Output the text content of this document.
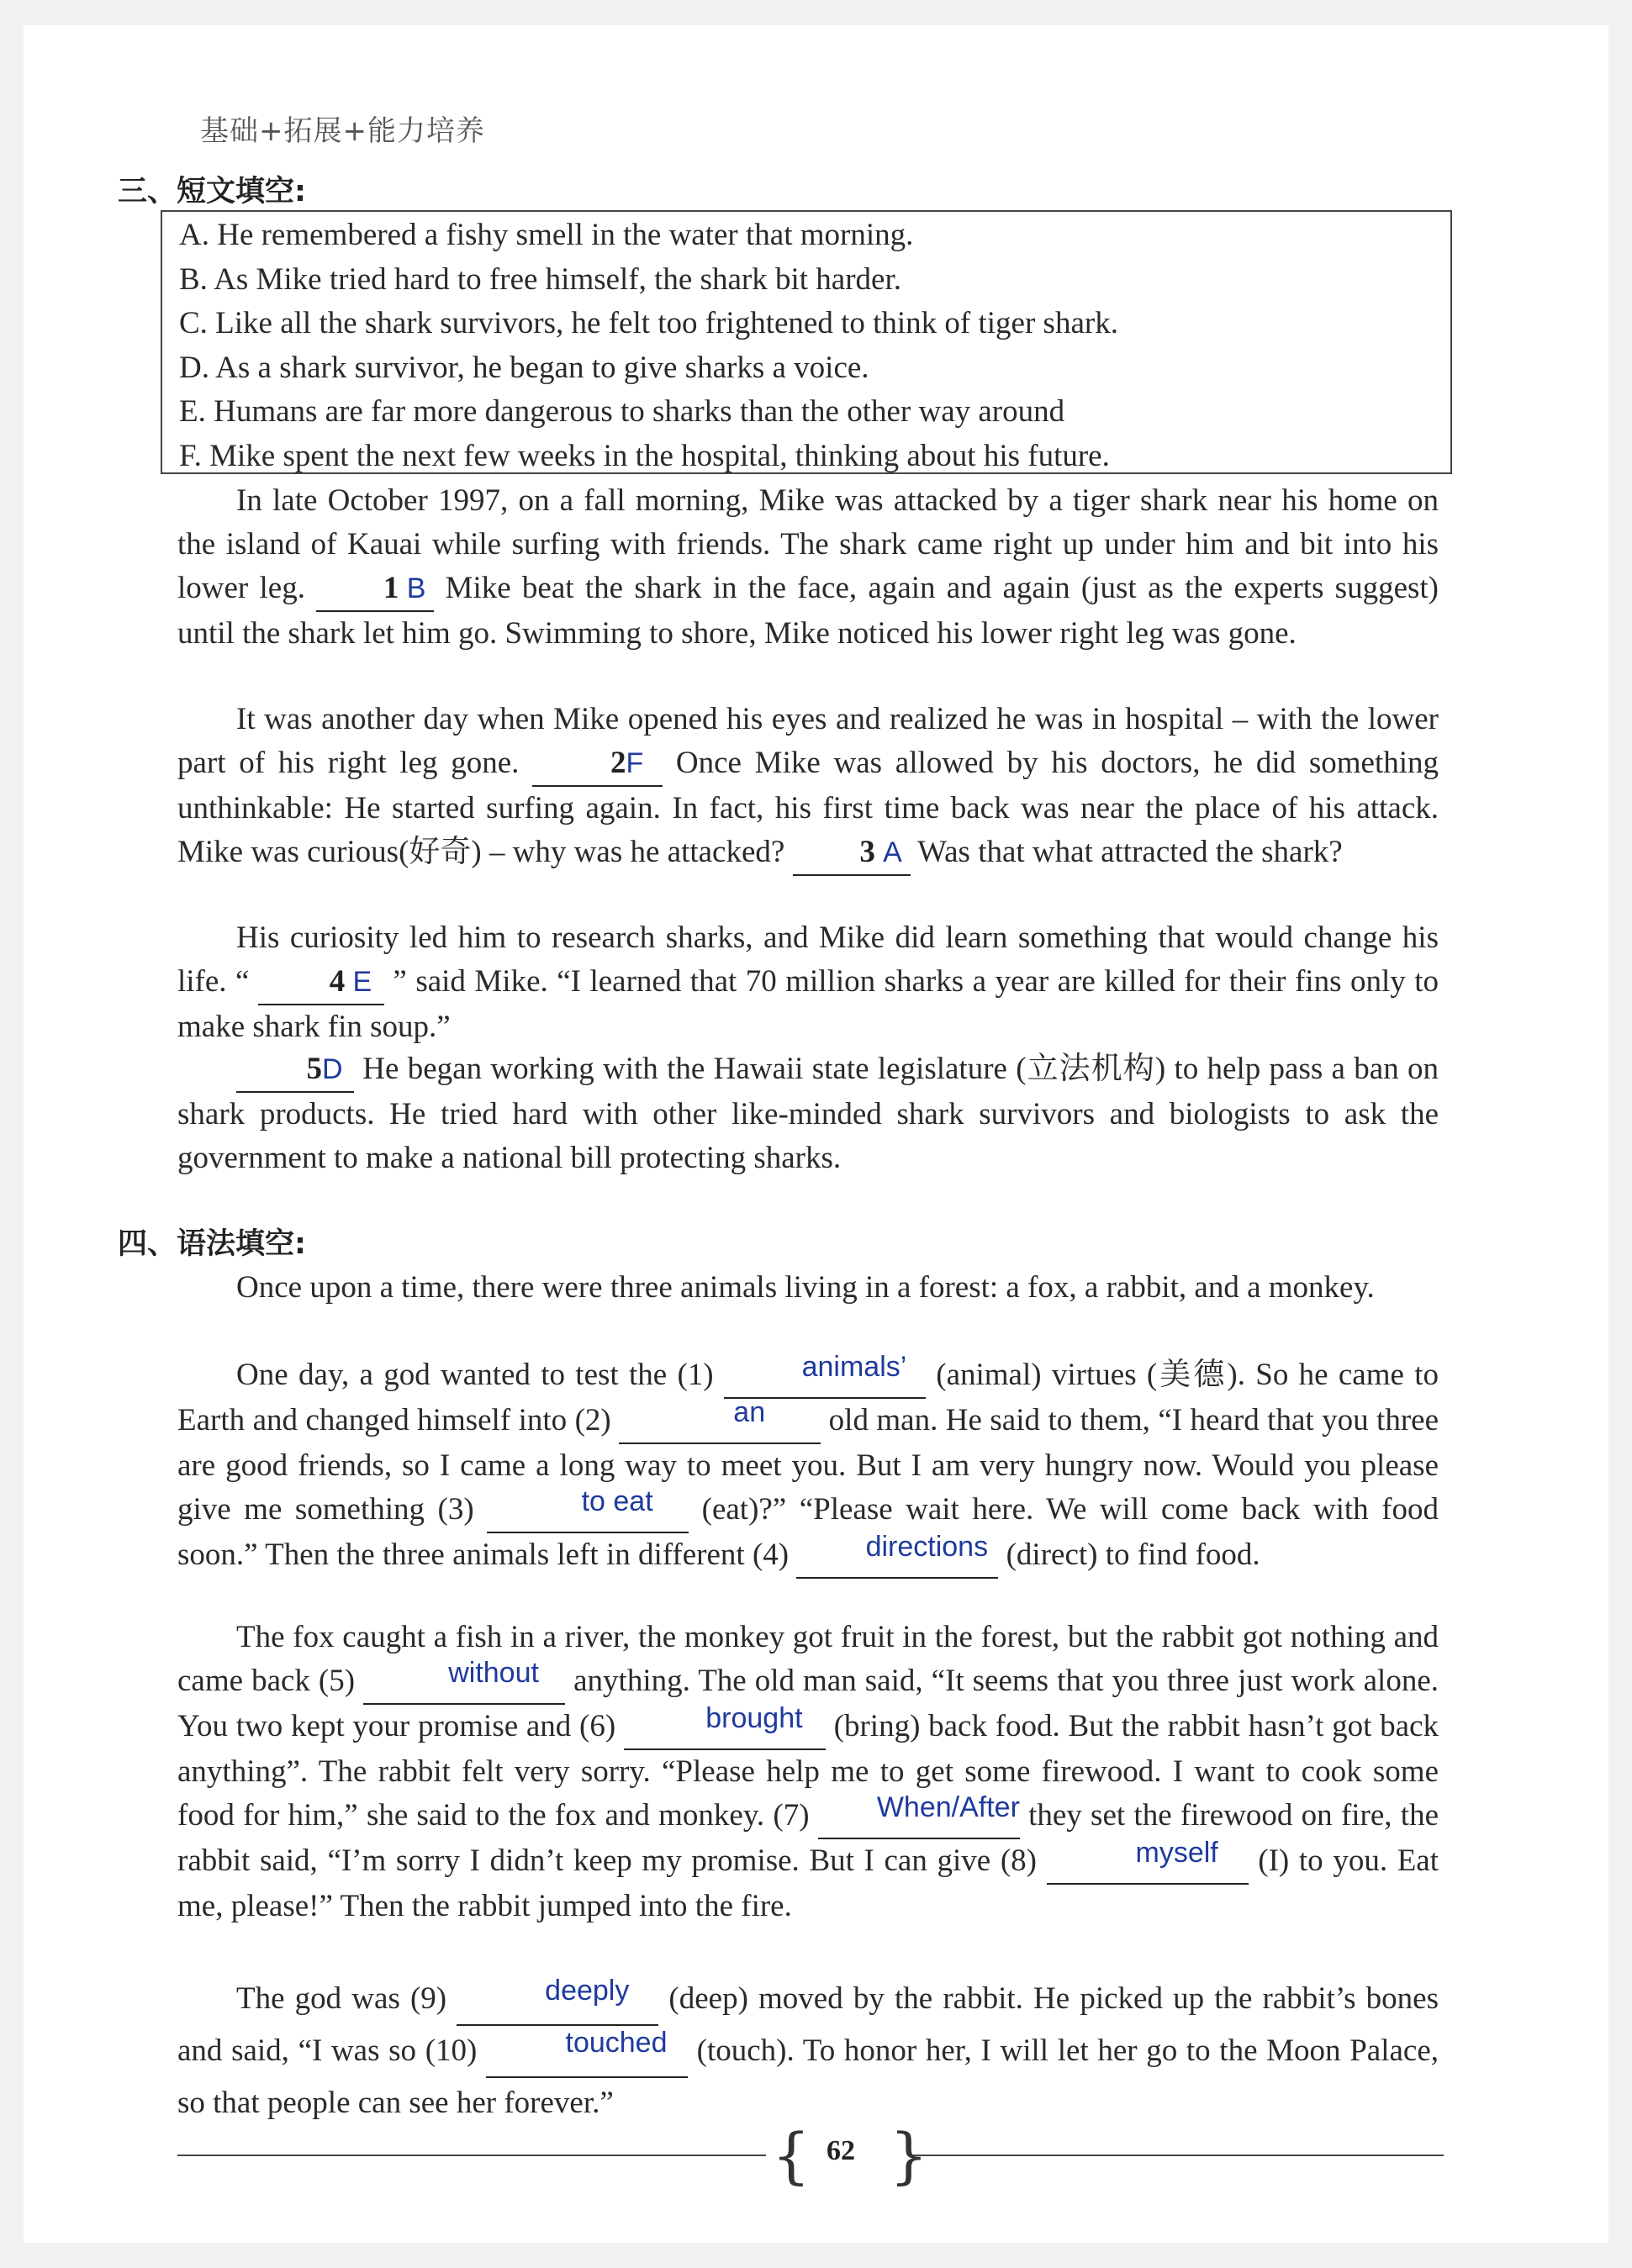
基础+拓展+能力培养
三、短文填空:
A. He remembered a fishy smell in the water that morning.
B. As Mike tried hard to free himself, the shark bit harder.
C. Like all the shark survivors, he felt too frightened to think of tiger shark.
D. As a shark survivor, he began to give sharks a voice.
E. Humans are far more dangerous to sharks than the other way around
F. Mike spent the next few weeks in the hospital, thinking about his future.
In late October 1997, on a fall morning, Mike was attacked by a tiger shark near his home on the island of Kauai while surfing with friends. The shark came right up under him and bit into his lower leg. 1 B Mike beat the shark in the face, again and again (just as the experts suggest) until the shark let him go. Swimming to shore, Mike noticed his lower right leg was gone.
It was another day when Mike opened his eyes and realized he was in hospital – with the lower part of his right leg gone.	2F Once Mike was allowed by his doctors, he did something unthinkable: He started surfing again. In fact, his first time back was near the place of his attack. Mike was curious(好奇) – why was he attacked? 3 A Was that what attracted the shark?
His curiosity led him to research sharks, and Mike did learn something that would change his life. “ 4 E ” said Mike. “I learned that 70 million sharks a year are killed for their fins only to make shark fin soup.”
5D He began working with the Hawaii state legislature (立法机构) to help pass a ban on shark products. He tried hard with other like-minded shark survivors and biologists to ask the government to make a national bill protecting sharks.
四、语法填空:
Once upon a time, there were three animals living in a forest: a fox, a rabbit, and a monkey.
One day, a god wanted to test the (1)	animals’ (animal) virtues (美德). So he came to Earth and changed himself into (2)	an old man. He said to them, “I heard that you three are good friends, so I came a long way to meet you. But I am very hungry now. Would you please give me something (3)	to eat (eat)?” “Please wait here. We will come back with food soon.” Then the three animals left in different (4) directions (direct) to find food.
The fox caught a fish in a river, the monkey got fruit in the forest, but the rabbit got nothing and came back (5)	without anything. The old man said, “It seems that you three just work alone. You two kept your promise and (6)	brought (bring) back food. But the rabbit hasn’t got back anything”. The rabbit felt very sorry. “Please help me to get some firewood. I want to cook some food for him,” she said to the fox and monkey. (7) When/After they set the firewood on fire, the rabbit said, “I’m sorry I didn’t keep my promise. But I can give (8)	myself (I) to you. Eat me, please!” Then the rabbit jumped into the fire.
The god was (9)	deeply (deep) moved by the rabbit. He picked up the rabbit’s bones and said, “I was so (10)	touched (touch). To honor her, I will let her go to the Moon Palace, so that people can see her forever.”
{ }
62
